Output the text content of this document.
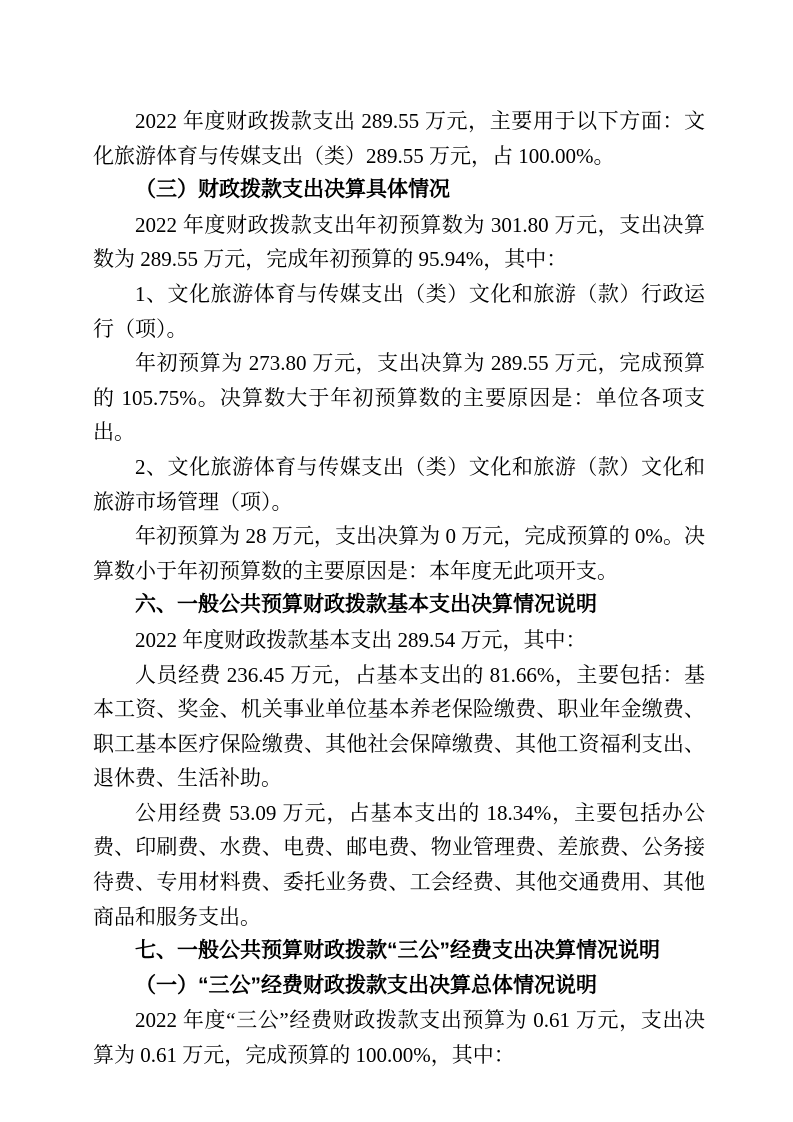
2022 年度财政拨款支出 289.55 万元，主要用于以下方面：文化旅游体育与传媒支出（类）289.55 万元，占 100.00%。

（三）财政拨款支出决算具体情况

2022 年度财政拨款支出年初预算数为 301.80 万元，支出决算数为 289.55 万元，完成年初预算的 95.94%，其中：

1、文化旅游体育与传媒支出（类）文化和旅游（款）行政运行（项）。

年初预算为 273.80 万元，支出决算为 289.55 万元，完成预算的 105.75%。决算数大于年初预算数的主要原因是：单位各项支出。

2、文化旅游体育与传媒支出（类）文化和旅游（款）文化和旅游市场管理（项）。

年初预算为 28 万元，支出决算为 0 万元，完成预算的 0%。决算数小于年初预算数的主要原因是：本年度无此项开支。

六、一般公共预算财政拨款基本支出决算情况说明

2022 年度财政拨款基本支出 289.54 万元，其中：

人员经费 236.45 万元，占基本支出的 81.66%，主要包括：基本工资、奖金、机关事业单位基本养老保险缴费、职业年金缴费、职工基本医疗保险缴费、其他社会保障缴费、其他工资福利支出、退休费、生活补助。

公用经费 53.09 万元，占基本支出的 18.34%，主要包括办公费、印刷费、水费、电费、邮电费、物业管理费、差旅费、公务接待费、专用材料费、委托业务费、工会经费、其他交通费用、其他商品和服务支出。

七、一般公共预算财政拨款“三公”经费支出决算情况说明

（一）“三公”经费财政拨款支出决算总体情况说明

2022 年度“三公”经费财政拨款支出预算为 0.61 万元，支出决算为 0.61 万元，完成预算的 100.00%，其中：
